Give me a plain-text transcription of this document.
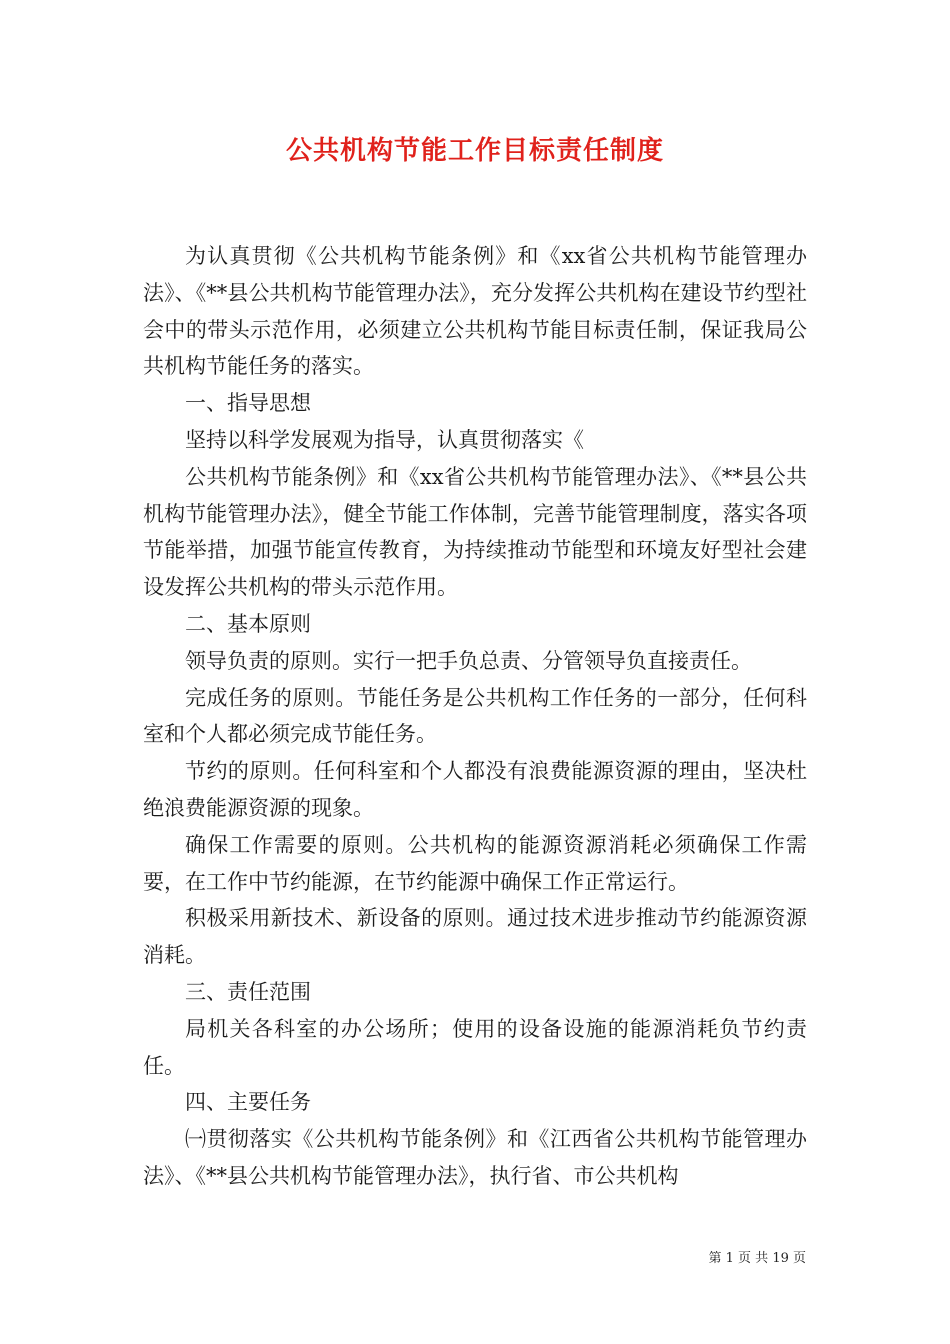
公共机构节能工作目标责任制度

为认真贯彻《公共机构节能条例》和《xx省公共机构节能管理办法》、《**县公共机构节能管理办法》，充分发挥公共机构在建设节约型社会中的带头示范作用，必须建立公共机构节能目标责任制，保证我局公共机构节能任务的落实。

一、指导思想

坚持以科学发展观为指导，认真贯彻落实《

公共机构节能条例》和《xx省公共机构节能管理办法》、《**县公共机构节能管理办法》，健全节能工作体制，完善节能管理制度，落实各项节能举措，加强节能宣传教育，为持续推动节能型和环境友好型社会建设发挥公共机构的带头示范作用。

二、基本原则

领导负责的原则。实行一把手负总责、分管领导负直接责任。

完成任务的原则。节能任务是公共机构工作任务的一部分，任何科室和个人都必须完成节能任务。

节约的原则。任何科室和个人都没有浪费能源资源的理由，坚决杜绝浪费能源资源的现象。

确保工作需要的原则。公共机构的能源资源消耗必须确保工作需要，在工作中节约能源，在节约能源中确保工作正常运行。

积极采用新技术、新设备的原则。通过技术进步推动节约能源资源消耗。

三、责任范围

局机关各科室的办公场所；使用的设备设施的能源消耗负节约责任。

四、主要任务

㈠贯彻落实《公共机构节能条例》和《江西省公共机构节能管理办法》、《**县公共机构节能管理办法》，执行省、市公共机构

第 1 页 共 19 页
